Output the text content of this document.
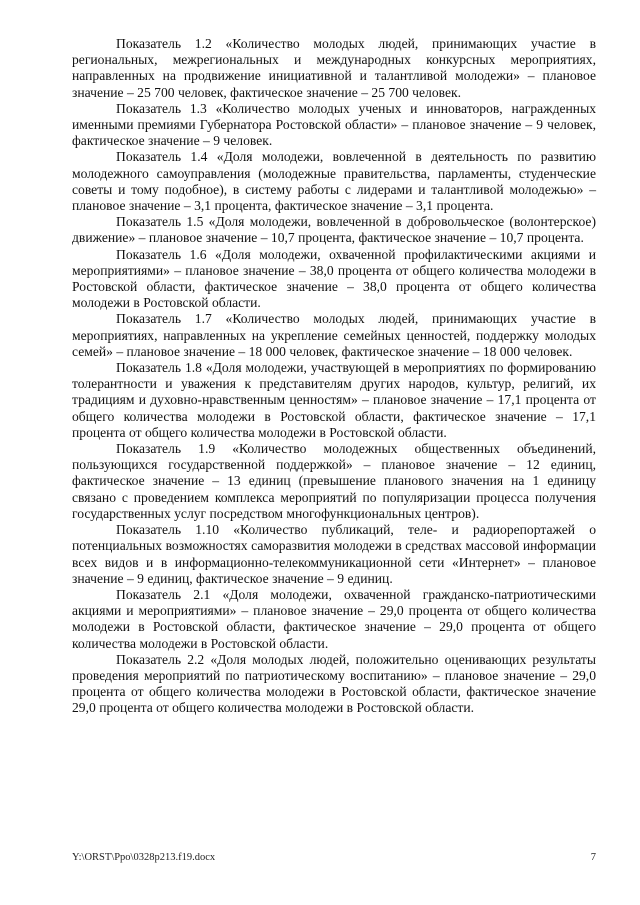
Показатель 1.2 «Количество молодых людей, принимающих участие в региональных, межрегиональных и международных конкурсных мероприятиях, направленных на продвижение инициативной и талантливой молодежи» – плановое значение – 25 700 человек, фактическое значение – 25 700 человек.

Показатель 1.3 «Количество молодых ученых и инноваторов, награжденных именными премиями Губернатора Ростовской области» – плановое значение – 9 человек, фактическое значение – 9 человек.

Показатель 1.4 «Доля молодежи, вовлеченной в деятельность по развитию молодежного самоуправления (молодежные правительства, парламенты, студенческие советы и тому подобное), в систему работы с лидерами и талантливой молодежью» – плановое значение – 3,1 процента, фактическое значение – 3,1 процента.

Показатель 1.5 «Доля молодежи, вовлеченной в добровольческое (волонтерское) движение» – плановое значение – 10,7 процента, фактическое значение – 10,7 процента.

Показатель 1.6 «Доля молодежи, охваченной профилактическими акциями и мероприятиями» – плановое значение – 38,0 процента от общего количества молодежи в Ростовской области, фактическое значение – 38,0 процента от общего количества молодежи в Ростовской области.

Показатель 1.7 «Количество молодых людей, принимающих участие в мероприятиях, направленных на укрепление семейных ценностей, поддержку молодых семей» – плановое значение – 18 000 человек, фактическое значение – 18 000 человек.

Показатель 1.8 «Доля молодежи, участвующей в мероприятиях по формированию толерантности и уважения к представителям других народов, культур, религий, их традициям и духовно-нравственным ценностям» – плановое значение – 17,1 процента от общего количества молодежи в Ростовской области, фактическое значение – 17,1 процента от общего количества молодежи в Ростовской области.

Показатель 1.9 «Количество молодежных общественных объединений, пользующихся государственной поддержкой» – плановое значение – 12 единиц, фактическое значение – 13 единиц (превышение планового значения на 1 единицу связано с проведением комплекса мероприятий по популяризации процесса получения государственных услуг посредством многофункциональных центров).

Показатель 1.10 «Количество публикаций, теле- и радиорепортажей о потенциальных возможностях саморазвития молодежи в средствах массовой информации всех видов и в информационно-телекоммуникационной сети «Интернет» – плановое значение – 9 единиц, фактическое значение – 9 единиц.

Показатель 2.1 «Доля молодежи, охваченной гражданско-патриотическими акциями и мероприятиями» – плановое значение – 29,0 процента от общего количества молодежи в Ростовской области, фактическое значение – 29,0 процента от общего количества молодежи в Ростовской области.

Показатель 2.2 «Доля молодых людей, положительно оценивающих результаты проведения мероприятий по патриотическому воспитанию» – плановое значение – 29,0 процента от общего количества молодежи в Ростовской области, фактическое значение 29,0 процента от общего количества молодежи в Ростовской области.

Y:\ORST\Ppo\0328p213.f19.docx	7
